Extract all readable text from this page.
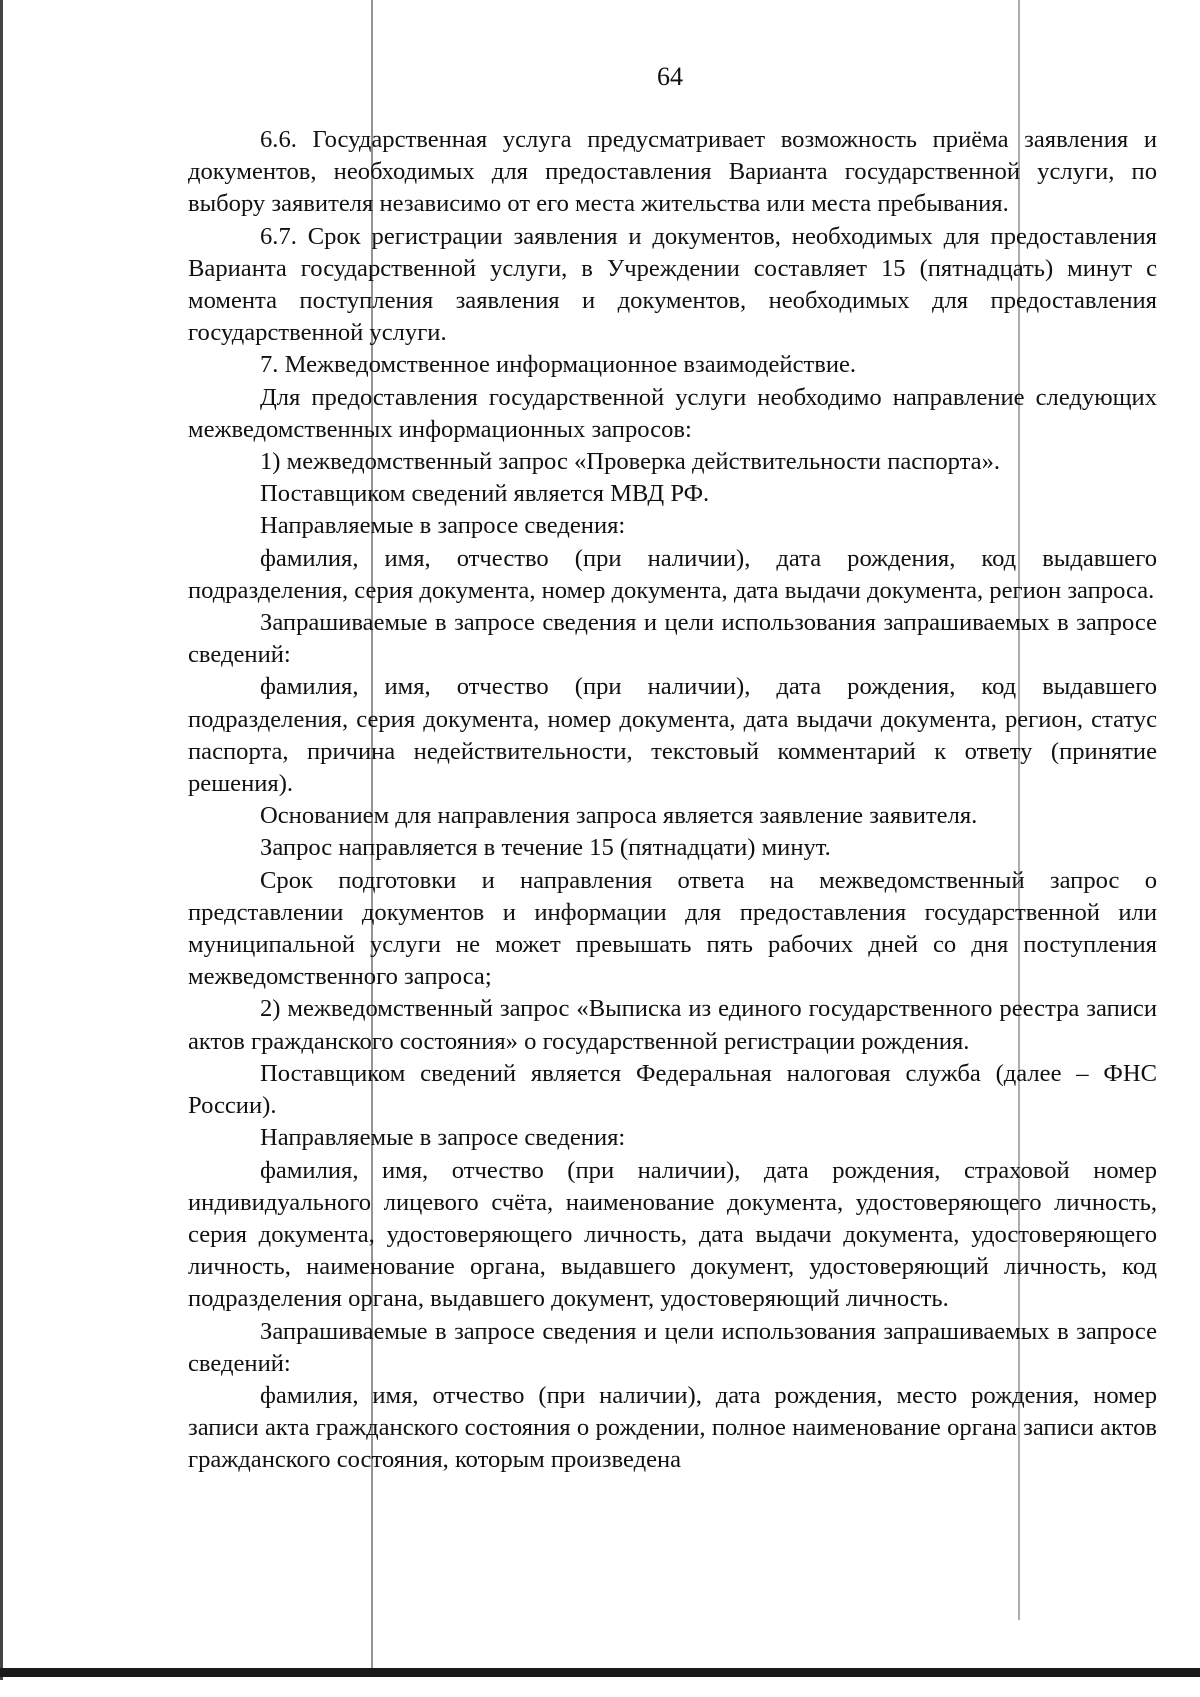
64

6.6. Государственная услуга предусматривает возможность приёма заявления и документов, необходимых для предоставления Варианта государственной услуги, по выбору заявителя независимо от его места жительства или места пребывания.

6.7. Срок регистрации заявления и документов, необходимых для предоставления Варианта государственной услуги, в Учреждении составляет 15 (пятнадцать) минут с момента поступления заявления и документов, необходимых для предоставления государственной услуги.

7. Межведомственное информационное взаимодействие.

Для предоставления государственной услуги необходимо направление следующих межведомственных информационных запросов:

1) межведомственный запрос «Проверка действительности паспорта».

Поставщиком сведений является МВД РФ.

Направляемые в запросе сведения:

фамилия, имя, отчество (при наличии), дата рождения, код выдавшего подразделения, серия документа, номер документа, дата выдачи документа, регион запроса.

Запрашиваемые в запросе сведения и цели использования запрашиваемых в запросе сведений:

фамилия, имя, отчество (при наличии), дата рождения, код выдавшего подразделения, серия документа, номер документа, дата выдачи документа, регион, статус паспорта, причина недействительности, текстовый комментарий к ответу (принятие решения).

Основанием для направления запроса является заявление заявителя.

Запрос направляется в течение 15 (пятнадцати) минут.

Срок подготовки и направления ответа на межведомственный запрос о представлении документов и информации для предоставления государственной или муниципальной услуги не может превышать пять рабочих дней со дня поступления межведомственного запроса;

2) межведомственный запрос «Выписка из единого государственного реестра записи актов гражданского состояния» о государственной регистрации рождения.

Поставщиком сведений является Федеральная налоговая служба (далее – ФНС России).

Направляемые в запросе сведения:

фамилия, имя, отчество (при наличии), дата рождения, страховой номер индивидуального лицевого счёта, наименование документа, удостоверяющего личность, серия документа, удостоверяющего личность, дата выдачи документа, удостоверяющего личность, наименование органа, выдавшего документ, удостоверяющий личность, код подразделения органа, выдавшего документ, удостоверяющий личность.

Запрашиваемые в запросе сведения и цели использования запрашиваемых в запросе сведений:

фамилия, имя, отчество (при наличии), дата рождения, место рождения, номер записи акта гражданского состояния о рождении, полное наименование органа записи актов гражданского состояния, которым произведена
